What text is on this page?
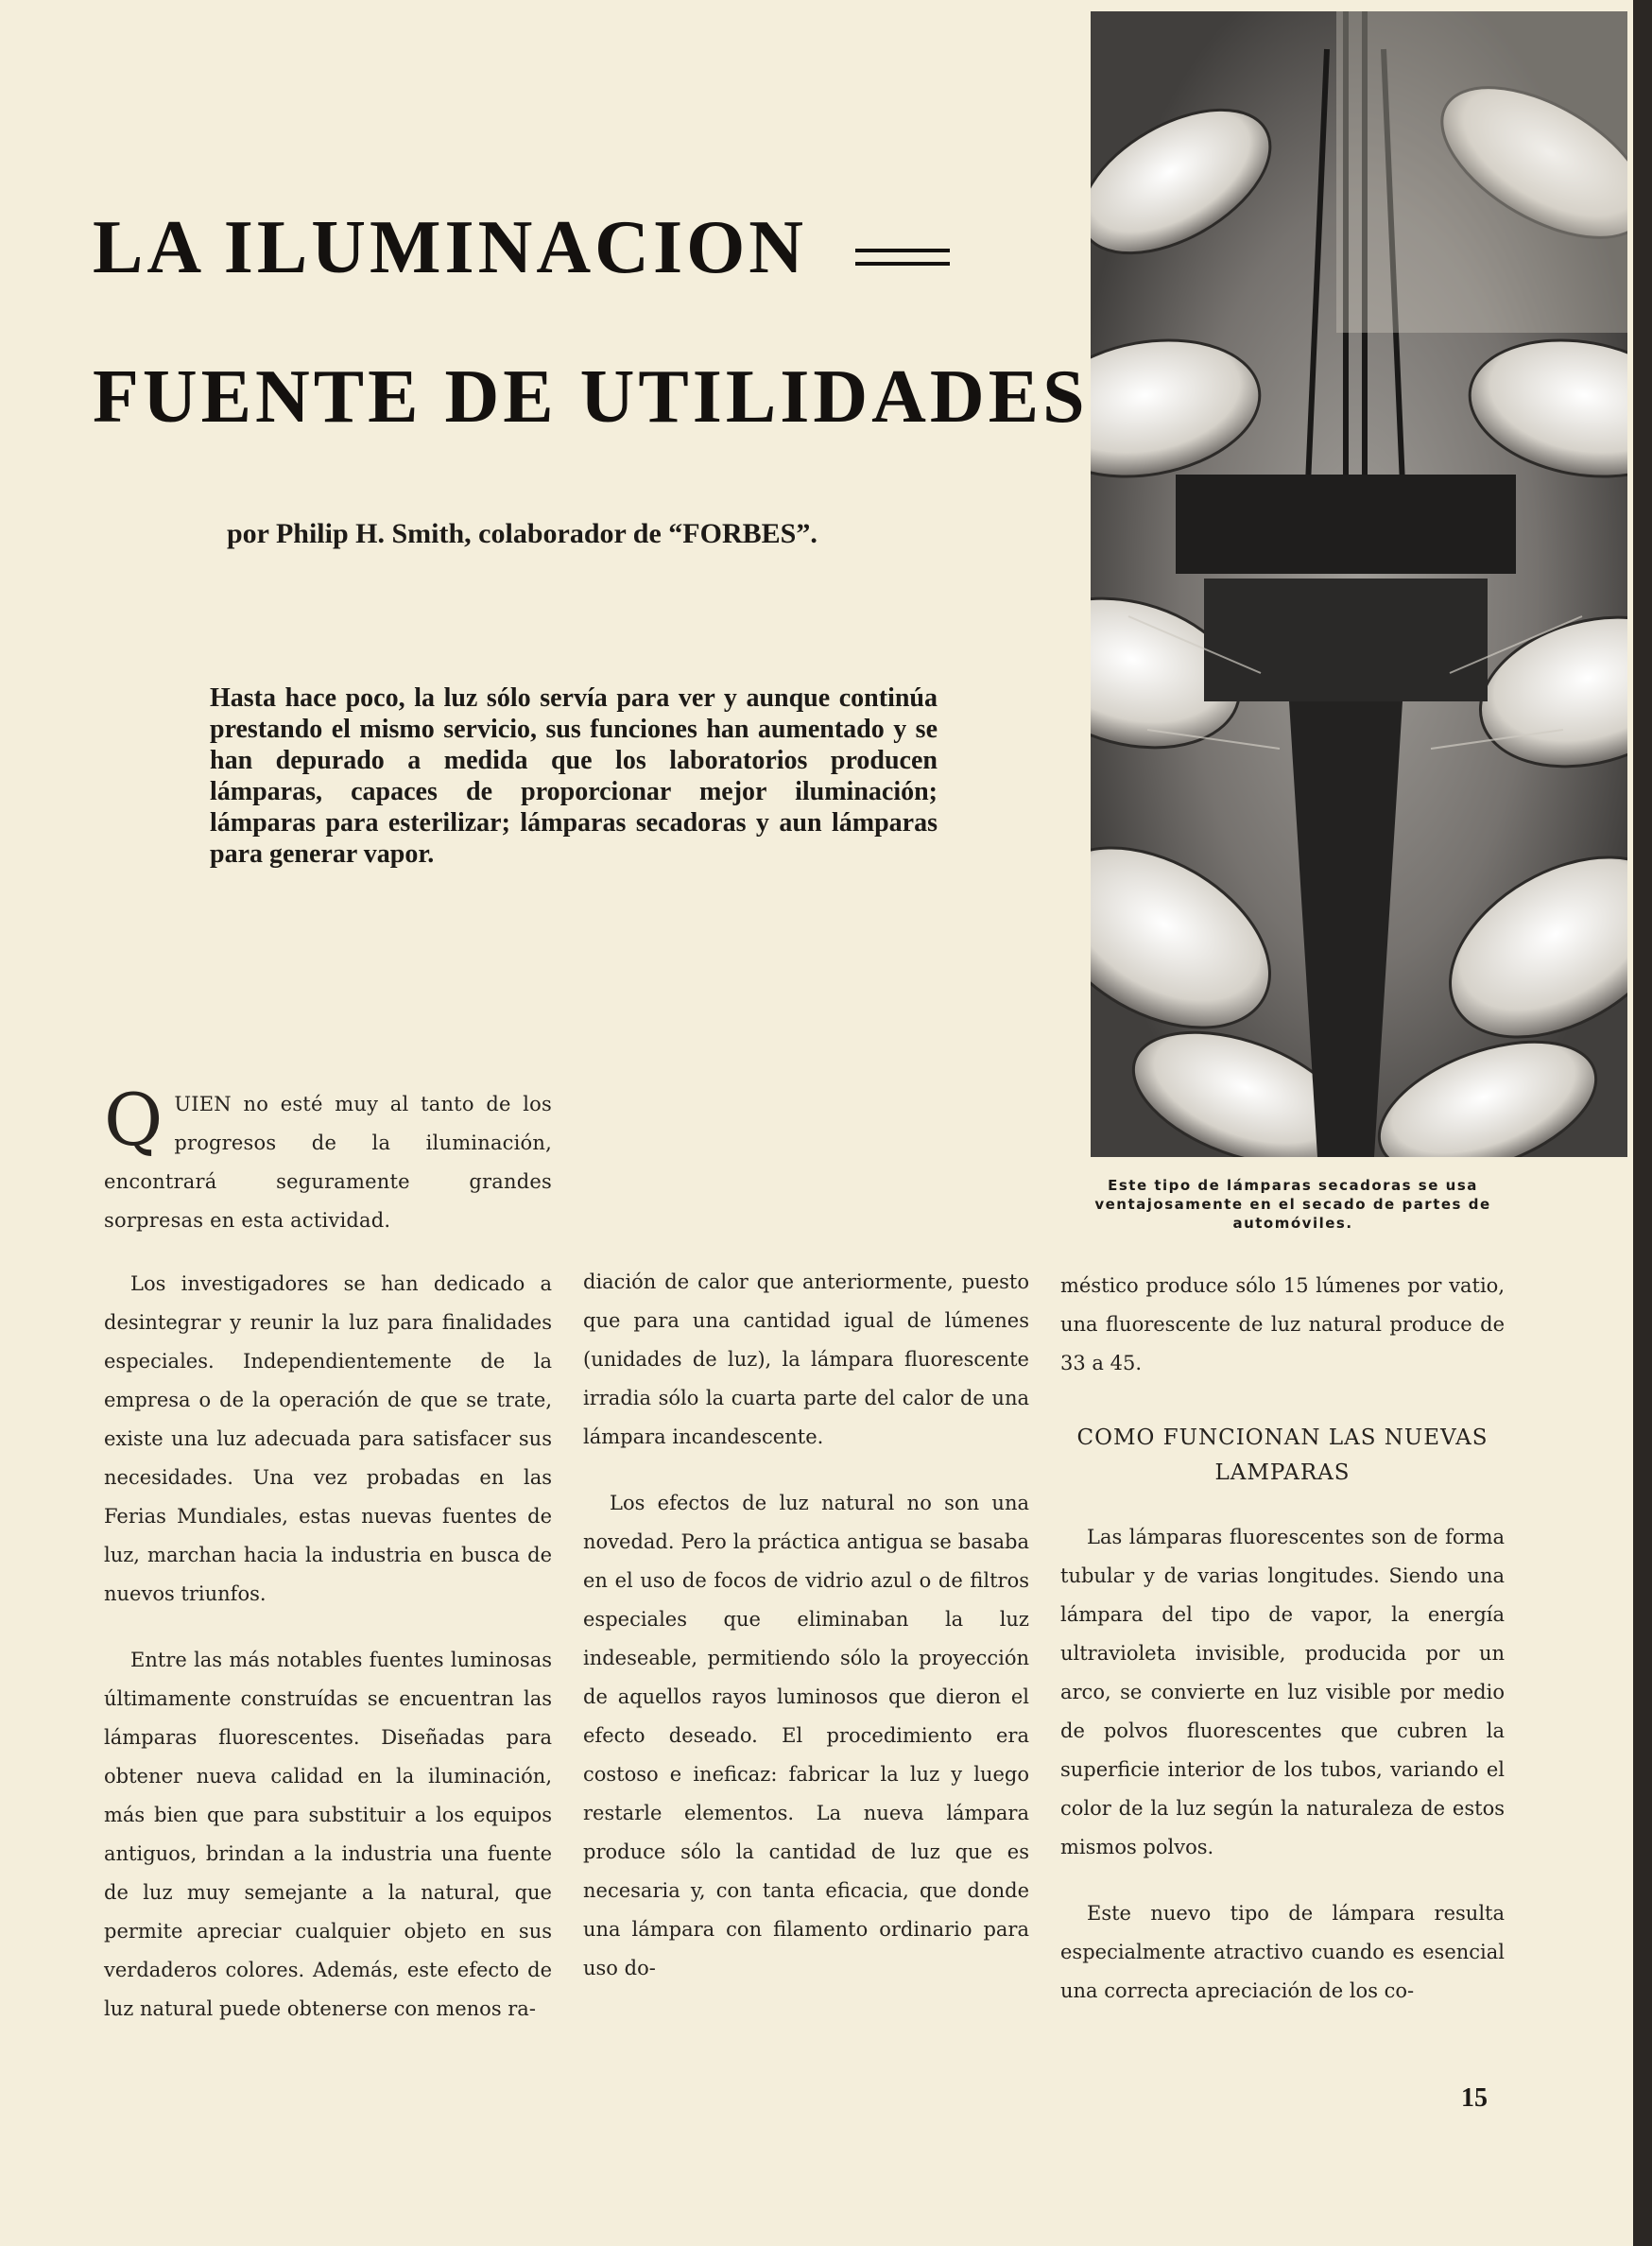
LA ILUMINACION
FUENTE DE UTILIDADES
por Philip H. Smith, colaborador de “FORBES”.

Hasta hace poco, la luz sólo servía para ver y aunque continúa prestando el mismo servicio, sus funciones han aumentado y se han depurado a medida que los laboratorios producen lámparas, capaces de proporcionar mejor iluminación; lámparas para esterilizar; lámparas secadoras y aun lámparas para generar vapor.

Este tipo de lámparas secadoras se usa ventajosamente en el secado de partes de automóviles.

Q UIEN no esté muy al tanto de los progresos de la iluminación, encontrará seguramente grandes sorpresas en esta actividad.

Los investigadores se han dedicado a desintegrar y reunir la luz para finalidades especiales. Independientemente de la empresa o de la operación de que se trate, existe una luz adecuada para satisfacer sus necesidades. Una vez probadas en las Ferias Mundiales, estas nuevas fuentes de luz, marchan hacia la industria en busca de nuevos triunfos.

Entre las más notables fuentes luminosas últimamente construídas se encuentran las lámparas fluorescentes. Diseñadas para obtener nueva calidad en la iluminación, más bien que para substituir a los equipos antiguos, brindan a la industria una fuente de luz muy semejante a la natural, que permite apreciar cualquier objeto en sus verdaderos colores. Además, este efecto de luz natural puede obtenerse con menos ra-

diación de calor que anteriormente, puesto que para una cantidad igual de lúmenes (unidades de luz), la lámpara fluorescente irradia sólo la cuarta parte del calor de una lámpara incandescente.

Los efectos de luz natural no son una novedad. Pero la práctica antigua se basaba en el uso de focos de vidrio azul o de filtros especiales que eliminaban la luz indeseable, permitiendo sólo la proyección de aquellos rayos luminosos que dieron el efecto deseado. El procedimiento era costoso e ineficaz: fabricar la luz y luego restarle elementos. La nueva lámpara produce sólo la cantidad de luz que es necesaria y, con tanta eficacia, que donde una lámpara con filamento ordinario para uso do-

méstico produce sólo 15 lúmenes por vatio, una fluorescente de luz natural produce de 33 a 45.

COMO FUNCIONAN LAS NUEVAS LAMPARAS

Las lámparas fluorescentes son de forma tubular y de varias longitudes. Siendo una lámpara del tipo de vapor, la energía ultravioleta invisible, producida por un arco, se convierte en luz visible por medio de polvos fluorescentes que cubren la superficie interior de los tubos, variando el color de la luz según la naturaleza de estos mismos polvos.

Este nuevo tipo de lámpara resulta especialmente atractivo cuando es esencial una correcta apreciación de los co-

15
